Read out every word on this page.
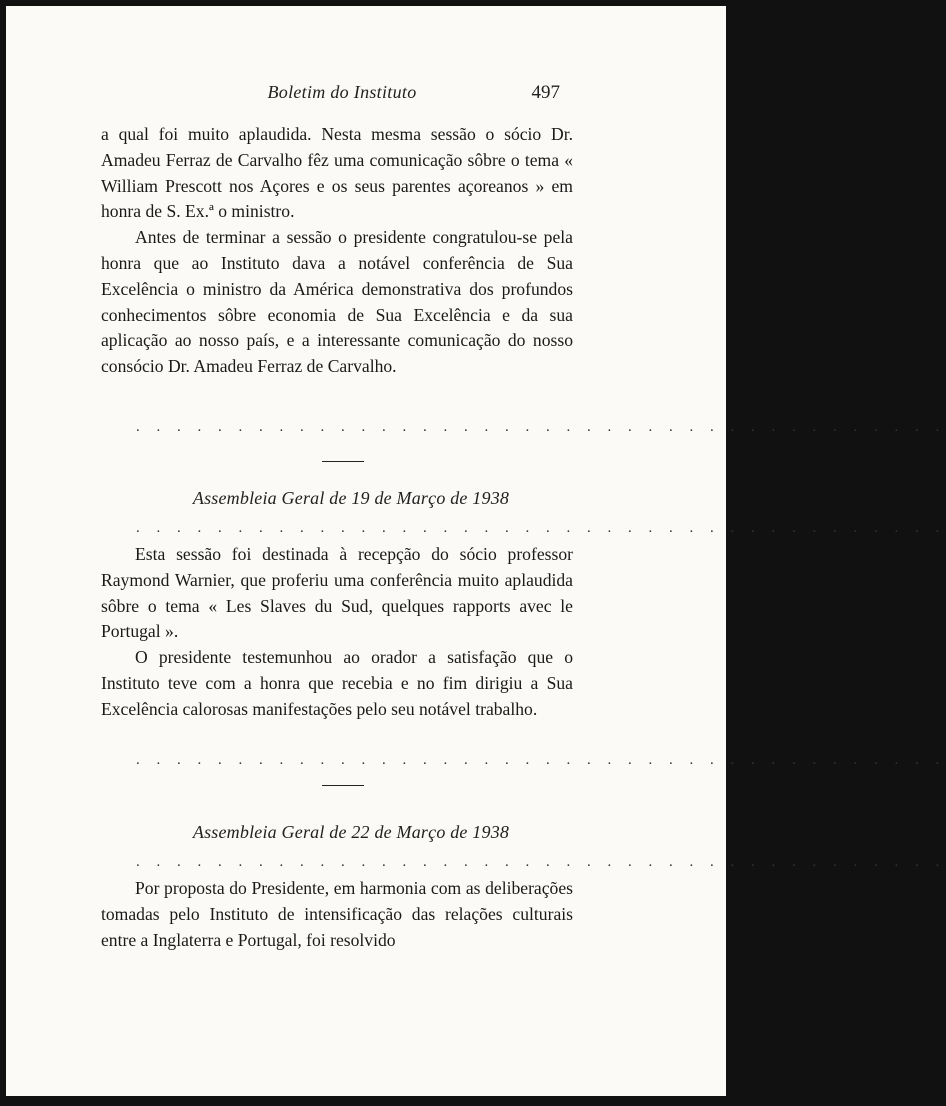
Boletim do Instituto	497

a qual foi muito aplaudida. Nesta mesma sessão o sócio Dr. Amadeu Ferraz de Carvalho fêz uma comunicação sôbre o tema « William Prescott nos Açores e os seus parentes açoreanos » em honra de S. Ex.ª o ministro.

Antes de terminar a sessão o presidente congratulou-se pela honra que ao Instituto dava a notável conferência de Sua Excelência o ministro da América demonstrativa dos profundos conhecimentos sôbre economia de Sua Excelência e da sua aplicação ao nosso país, e a interessante comunicação do nosso consócio Dr. Amadeu Ferraz de Carvalho.

. . . . . . . . . . . . . . . . . . . . . . . . . . . . . . . . . . . . . . . .
Assembleia Geral de 19 de Março de 1938
. . . . . . . . . . . . . . . . . . . . . . . . . . . . . . . . . . . . . . . .

Esta sessão foi destinada à recepção do sócio professor Raymond Warnier, que proferiu uma conferência muito aplaudida sôbre o tema « Les Slaves du Sud, quelques rapports avec le Portugal ».

O presidente testemunhou ao orador a satisfação que o Instituto teve com a honra que recebia e no fim dirigiu a Sua Excelência calorosas manifestações pelo seu notável trabalho.

. . . . . . . . . . . . . . . . . . . . . . . . . . . . . . . . . . . . . . . .
Assembleia Geral de 22 de Março de 1938
. . . . . . . . . . . . . . . . . . . . . . . . . . . . . . . . . . . . . . . .

Por proposta do Presidente, em harmonia com as deliberações tomadas pelo Instituto de intensificação das relações culturais entre a Inglaterra e Portugal, foi resolvido
